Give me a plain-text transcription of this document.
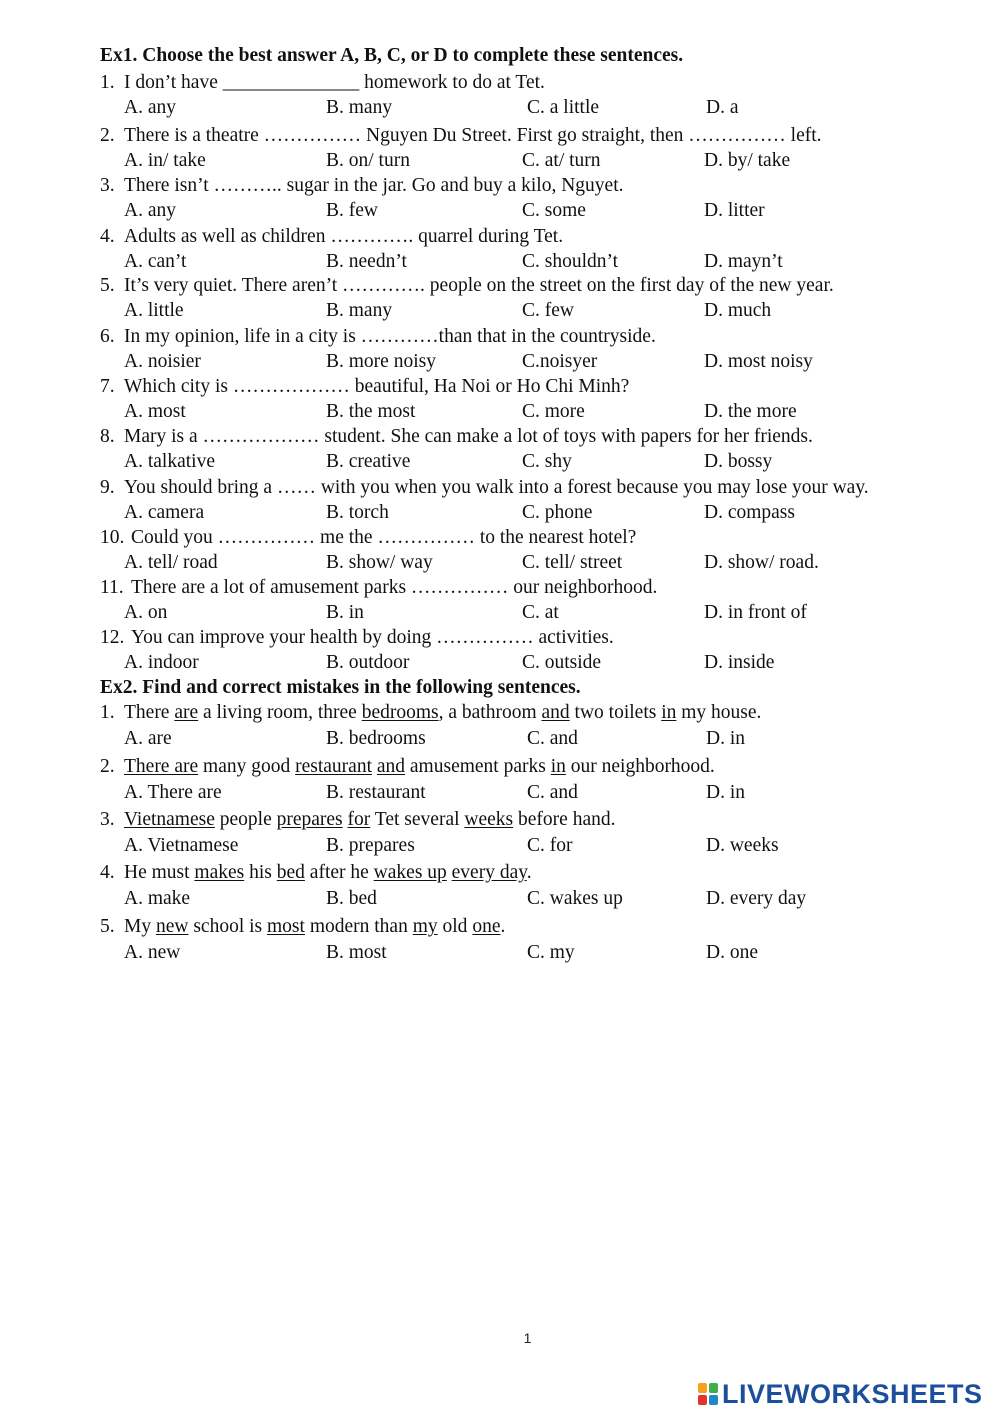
Ex1. Choose the best answer A, B, C, or D to complete these sentences.
1. I don’t have ______________ homework to do at Tet.
A. any	B. many	C. a little	D. a
2. There is a theatre …………… Nguyen Du Street. First go straight, then …………… left.
A. in/ take	B. on/ turn	C. at/ turn	D. by/ take
3. There isn’t ……….. sugar in the jar. Go and buy a kilo, Nguyet.
A. any	B. few	C. some	D. litter
4. Adults as well as children …………. quarrel during Tet.
A. can’t	B. needn’t	C. shouldn’t	D. mayn’t
5. It’s very quiet. There aren’t …………. people on the street on the first day of the new year.
A. little	B. many	C. few	D. much
6. In my opinion, life in a city is …………than that in the countryside.
A. noisier	B. more noisy	C.noisyer	D. most noisy
7. Which city is ……………… beautiful, Ha Noi or Ho Chi Minh?
A. most	B. the most	C. more	D. the more
8. Mary is a ……………… student. She can make a lot of toys with papers for her friends.
A. talkative	B. creative	C. shy	D. bossy
9. You should bring a …… with you when you walk into a forest because you may lose your way.
A. camera	B. torch	C. phone	D. compass
10. Could you …………… me the …………… to the nearest hotel?
A. tell/ road	B. show/ way	C. tell/ street	D. show/ road.
11. There are a lot of amusement parks …………… our neighborhood.
A. on	B. in	C. at	D. in front of
12. You can improve your health by doing …………… activities.
A. indoor	B. outdoor	C. outside	D. inside
Ex2. Find and correct mistakes in the following sentences.
1. There are a living room, three bedrooms, a bathroom and two toilets in my house.
A. are	B. bedrooms	C. and	D. in
2. There are many good restaurant and amusement parks in our neighborhood.
A. There are	B. restaurant	C. and	D. in
3. Vietnamese people prepares for Tet several weeks before hand.
A. Vietnamese	B. prepares	C. for	D. weeks
4. He must makes his bed after he wakes up every day.
A. make	B. bed	C. wakes up	D. every day
5. My new school is most modern than my old one.
A. new	B. most	C. my	D. one
1
LIVEWORKSHEETS
